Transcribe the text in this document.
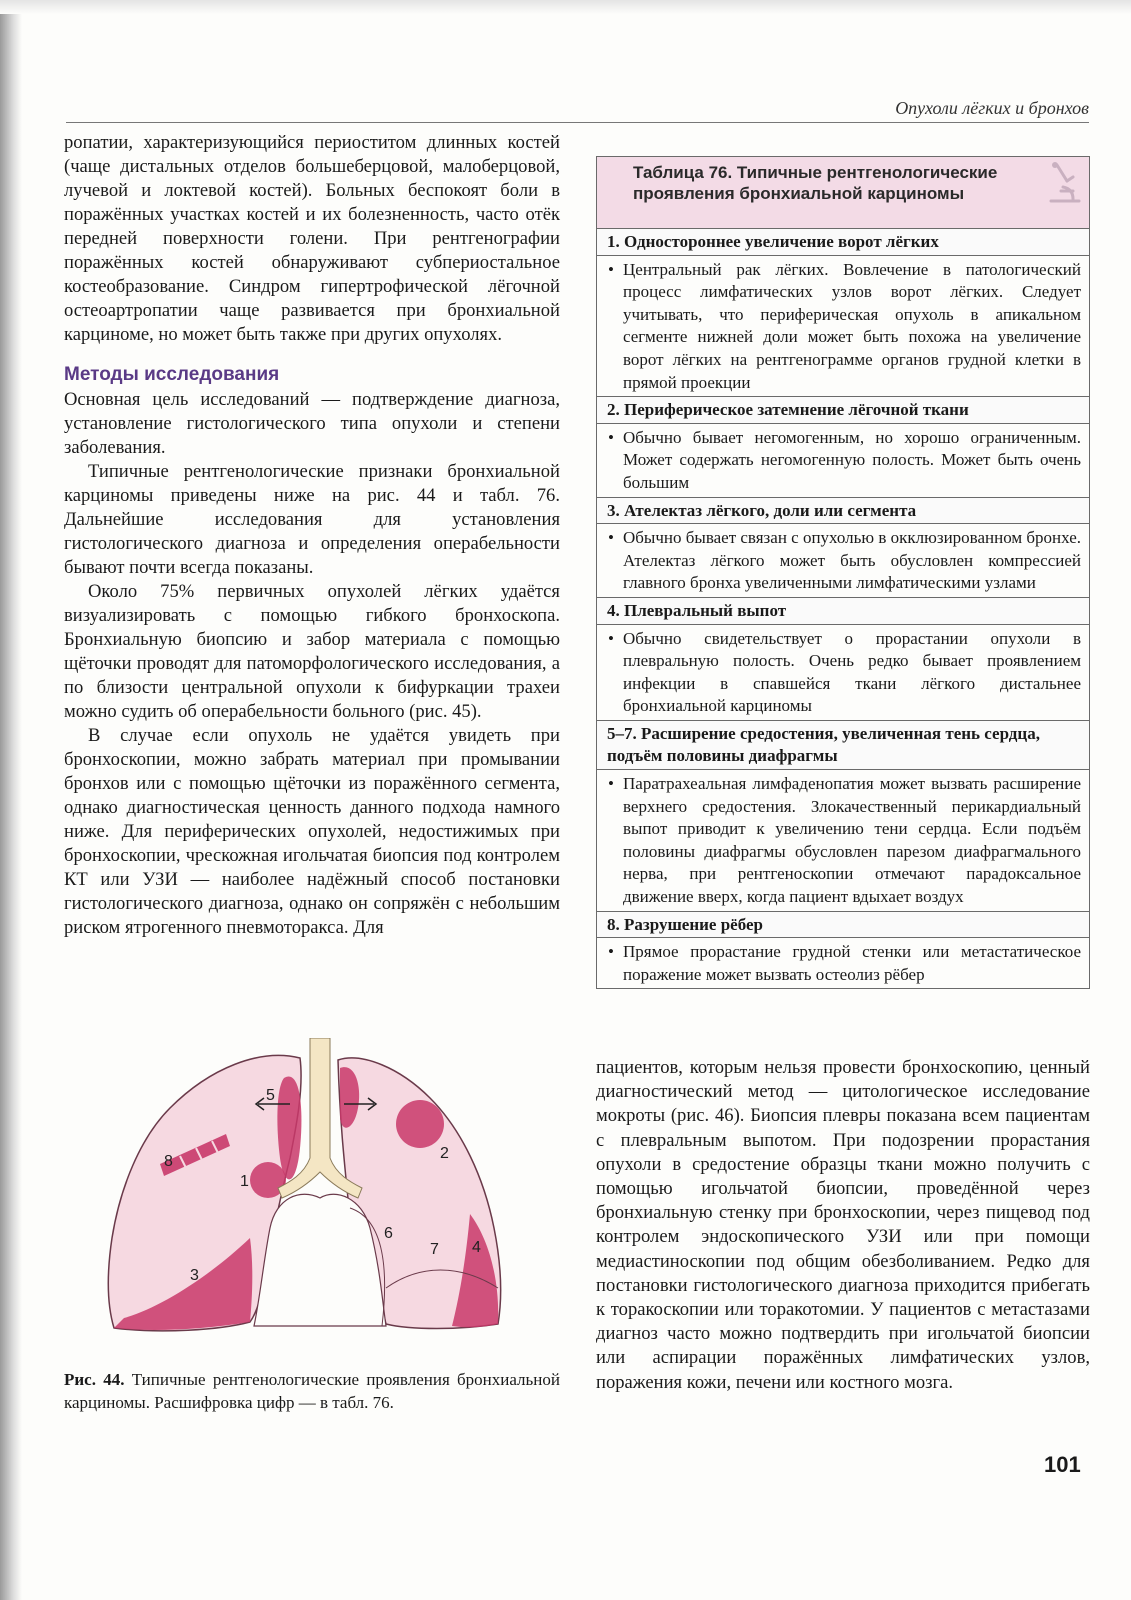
Опухоли лёгких и бронхов

ропатии, характеризующийся периоститом длинных костей (чаще дистальных отделов большеберцовой, малоберцовой, лучевой и локтевой костей). Больных беспокоят боли в поражённых участках костей и их болезненность, часто отёк передней поверхности голени. При рентгенографии поражённых костей обнаруживают субпериостальное костеобразование. Синдром гипертрофической лёгочной остеоартропатии чаще развивается при бронхиальной карциноме, но может быть также при других опухолях.

Методы исследования

Основная цель исследований — подтверждение диагноза, установление гистологического типа опухоли и степени заболевания.

Типичные рентгенологические признаки бронхиальной карциномы приведены ниже на рис. 44 и табл. 76. Дальнейшие исследования для установления гистологического диагноза и определения операбельности бывают почти всегда показаны.

Около 75% первичных опухолей лёгких удаётся визуализировать с помощью гибкого бронхоскопа. Бронхиальную биопсию и забор материала с помощью щёточки проводят для патоморфологического исследования, а по близости центральной опухоли к бифуркации трахеи можно судить об операбельности больного (рис. 45).

В случае если опухоль не удаётся увидеть при бронхоскопии, можно забрать материал при промывании бронхов или с помощью щёточки из поражённого сегмента, однако диагностическая ценность данного подхода намного ниже. Для периферических опухолей, недостижимых при бронхоскопии, чрескожная игольчатая биопсия под контролем КТ или УЗИ — наиболее надёжный способ постановки гистологического диагноза, однако он сопряжён с небольшим риском ятрогенного пневмоторакса. Для

Таблица 76. Типичные рентгенологические проявления бронхиальной карциномы
1. Одностороннее увеличение ворот лёгких
• Центральный рак лёгких. Вовлечение в патологический процесс лимфатических узлов ворот лёгких. Следует учитывать, что периферическая опухоль в апикальном сегменте нижней доли может быть похожа на увеличение ворот лёгких на рентгенограмме органов грудной клетки в прямой проекции
2. Периферическое затемнение лёгочной ткани
• Обычно бывает негомогенным, но хорошо ограниченным. Может содержать негомогенную полость. Может быть очень большим
3. Ателектаз лёгкого, доли или сегмента
• Обычно бывает связан с опухолью в окклюзированном бронхе. Ателектаз лёгкого может быть обусловлен компрессией главного бронха увеличенными лимфатическими узлами
4. Плевральный выпот
• Обычно свидетельствует о прорастании опухоли в плевральную полость. Очень редко бывает проявлением инфекции в спавшейся ткани лёгкого дистальнее бронхиальной карциномы
5–7. Расширение средостения, увеличенная тень сердца, подъём половины диафрагмы
• Паратрахеальная лимфаденопатия может вызвать расширение верхнего средостения. Злокачественный перикардиальный выпот приводит к увеличению тени сердца. Если подъём половины диафрагмы обусловлен парезом диафрагмального нерва, при рентгеноскопии отмечают парадоксальное движение вверх, когда пациент вдыхает воздух
8. Разрушение рёбер
• Прямое прорастание грудной стенки или метастатическое поражение может вызвать остеолиз рёбер
1
2
3
4
5
6
7
8
Рис. 44. Типичные рентгенологические проявления бронхиальной карциномы. Расшифровка цифр — в табл. 76.
пациентов, которым нельзя провести бронхоскопию, ценный диагностический метод — цитологическое исследование мокроты (рис. 46). Биопсия плевры показана всем пациентам с плевральным выпотом. При подозрении прорастания опухоли в средостение образцы ткани можно получить с помощью игольчатой биопсии, проведённой через бронхиальную стенку при бронхоскопии, через пищевод под контролем эндоскопического УЗИ или при помощи медиастиноскопии под общим обезболиванием. Редко для постановки гистологического диагноза приходится прибегать к торакоскопии или торакотомии. У пациентов с метастазами диагноз часто можно подтвердить при игольчатой биопсии или аспирации поражённых лимфатических узлов, поражения кожи, печени или костного мозга.
101
